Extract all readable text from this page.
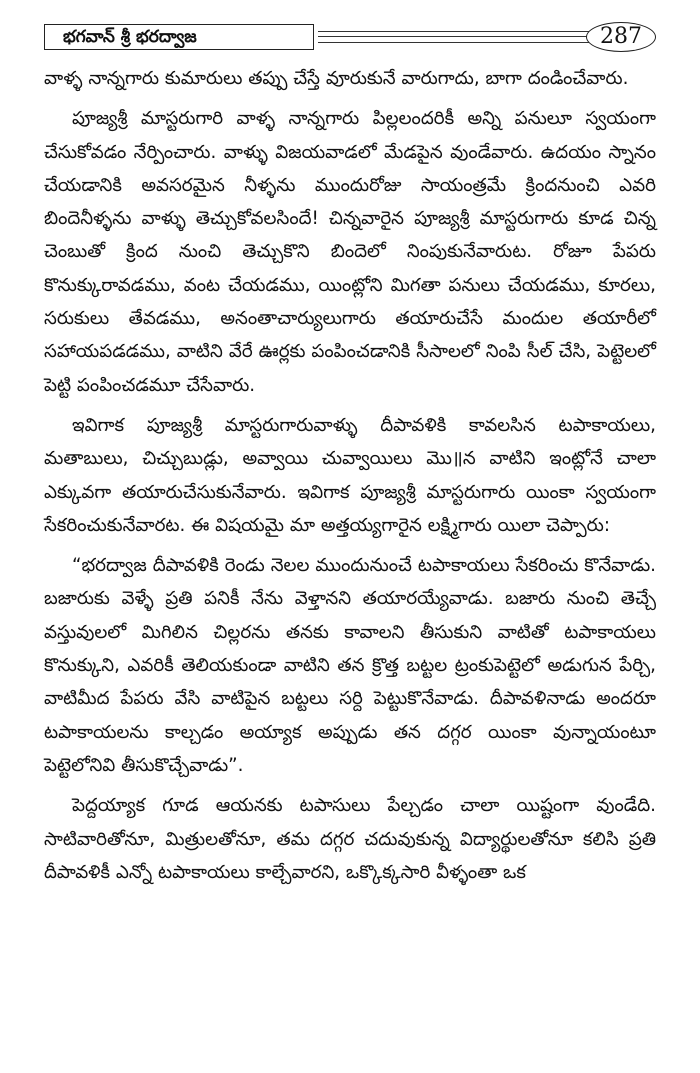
భగవాన్ శ్రీ భరద్వాజ	287

వాళ్ళ నాన్నగారు కుమారులు తప్పు చేస్తే వూరుకునే వారుగాదు, బాగా దండించేవారు.

పూజ్యశ్రీ మాస్టరుగారి వాళ్ళ నాన్నగారు పిల్లలందరికీ అన్ని పనులూ స్వయంగా చేసుకోవడం నేర్పించారు. వాళ్ళు విజయవాడలో మేడపైన వుండేవారు. ఉదయం స్నానం చేయడానికి అవసరమైన నీళ్ళను ముందురోజు సాయంత్రమే క్రిందనుంచి ఎవరి బిందెనీళ్ళను వాళ్ళు తెచ్చుకోవలసిందే! చిన్నవారైన పూజ్యశ్రీ మాస్టరుగారు కూడ చిన్న చెంబుతో క్రింద నుంచి తెచ్చుకొని బిందెలో నింపుకునేవారుట. రోజూ పేపరు కొనుక్కురావడము, వంట చేయడము, యింట్లోని మిగతా పనులు చేయడము, కూరలు, సరుకులు తేవడము, అనంతాచార్యులుగారు తయారుచేసే మందుల తయారీలో సహాయపడడము, వాటిని వేరే ఊర్లకు పంపించడానికి సీసాలలో నింపి సీల్ చేసి, పెట్టెలలో పెట్టి పంపించడమూ చేసేవారు.

ఇవిగాక పూజ్యశ్రీ మాస్టరుగారువాళ్ళు దీపావళికి కావలసిన టపాకాయలు, మతాబులు, చిచ్చుబుడ్లు, అవ్వాయి చువ్వాయిలు మొ॥న వాటిని ఇంట్లోనే చాలా ఎక్కువగా తయారుచేసుకునేవారు. ఇవిగాక పూజ్యశ్రీ మాస్టరుగారు యింకా స్వయంగా సేకరించుకునేవారట. ఈ విషయమై మా అత్తయ్యగారైన లక్ష్మిగారు యిలా చెప్పారు:

“భరద్వాజ దీపావళికి రెండు నెలల ముందునుంచే టపాకాయలు సేకరించు కొనేవాడు. బజారుకు వెళ్ళే ప్రతి పనికీ నేను వెళ్తానని తయారయ్యేవాడు. బజారు నుంచి తెచ్చే వస్తువులలో మిగిలిన చిల్లరను తనకు కావాలని తీసుకుని వాటితో టపాకాయలు కొనుక్కుని, ఎవరికీ తెలియకుండా వాటిని తన క్రొత్త బట్టల ట్రంకుపెట్టెలో అడుగున పేర్చి, వాటిమీద పేపరు వేసి వాటిపైన బట్టలు సర్ది పెట్టుకొనేవాడు. దీపావళినాడు అందరూ టపాకాయలను కాల్చడం అయ్యాక అప్పుడు తన దగ్గర యింకా వున్నాయంటూ పెట్టెలోనివి తీసుకొచ్చేవాడు”.

పెద్దయ్యాక గూడ ఆయనకు టపాసులు పేల్చడం చాలా యిష్టంగా వుండేది. సాటివారితోనూ, మిత్రులతోనూ, తమ దగ్గర చదువుకున్న విద్యార్థులతోనూ కలిసి ప్రతి దీపావళికీ ఎన్నో టపాకాయలు కాల్చేవారని, ఒక్కొక్కసారి వీళ్ళంతా ఒక
